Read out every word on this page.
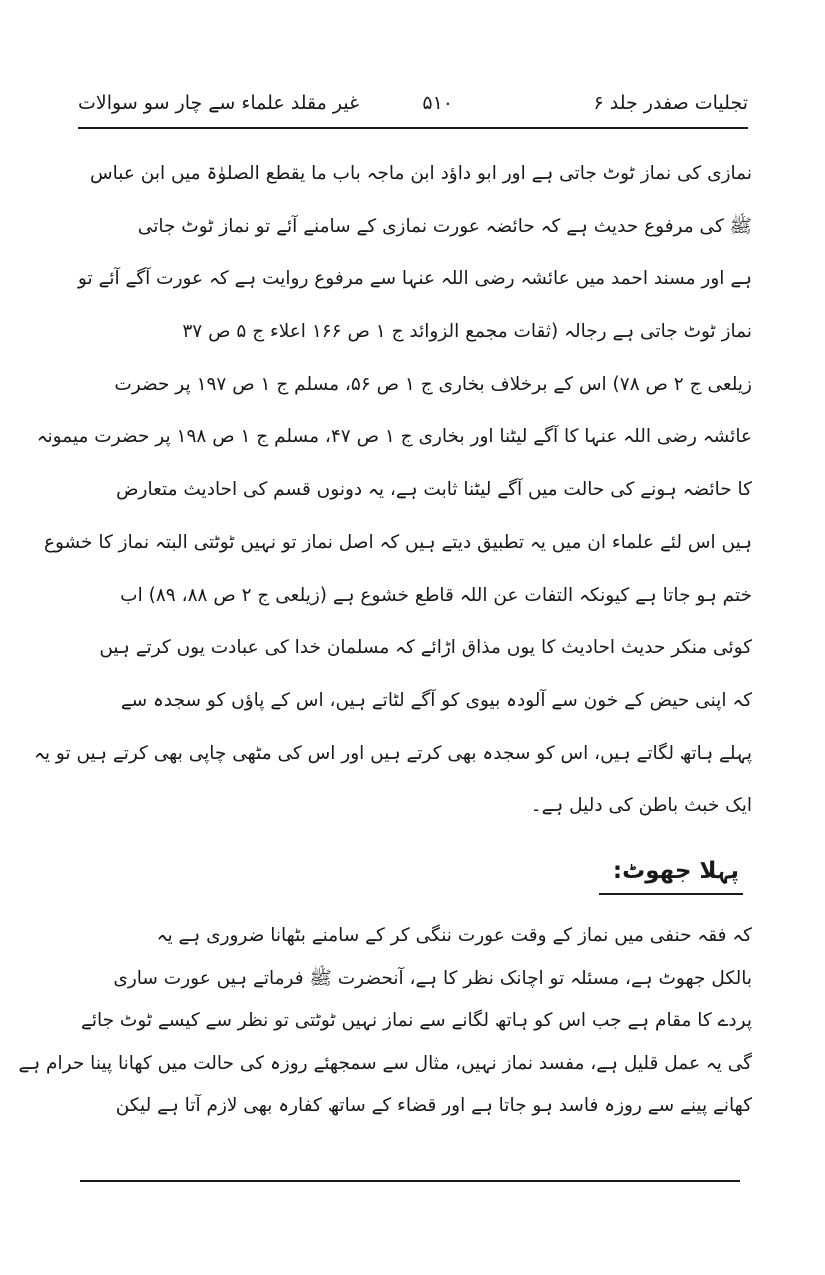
تجلیات صفدر جلد ۶
۵۱۰
غیر مقلد علماء سے چار سو سوالات
نمازی کی نماز ٹوٹ جاتی ہے اور ابو داؤد ابن ماجہ باب ما یقطع الصلوٰۃ میں ابن عباس
ﷺ کی مرفوع حدیث ہے کہ حائضہ عورت نمازی کے سامنے آئے تو نماز ٹوٹ جاتی
ہے اور مسند احمد میں عائشہ رضی اللہ عنہا سے مرفوع روایت ہے کہ عورت آگے آئے تو
نماز ٹوٹ جاتی ہے رجالہ (ثقات مجمع الزوائد ج ۱ ص ۱۶۶ اعلاء ج ۵ ص ۳۷
زیلعی ج ۲ ص ۷۸) اس کے برخلاف بخاری ج ۱ ص ۵۶، مسلم ج ۱ ص ۱۹۷ پر حضرت
عائشہ رضی اللہ عنہا کا آگے لیٹنا اور بخاری ج ۱ ص ۴۷، مسلم ج ۱ ص ۱۹۸ پر حضرت میمونہ
کا حائضہ ہونے کی حالت میں آگے لیٹنا ثابت ہے، یہ دونوں قسم کی احادیث متعارض
ہیں اس لئے علماء ان میں یہ تطبیق دیتے ہیں کہ اصل نماز تو نہیں ٹوٹتی البتہ نماز کا خشوع
ختم ہو جاتا ہے کیونکہ التفات عن اللہ قاطع خشوع ہے (زیلعی ج ۲ ص ۸۸، ۸۹) اب
کوئی منکر حدیث احادیث کا یوں مذاق اڑائے کہ مسلمان خدا کی عبادت یوں کرتے ہیں
کہ اپنی حیض کے خون سے آلودہ بیوی کو آگے لٹاتے ہیں، اس کے پاؤں کو سجدہ سے
پہلے ہاتھ لگاتے ہیں، اس کو سجدہ بھی کرتے ہیں اور اس کی مٹھی چاپی بھی کرتے ہیں تو یہ
ایک خبث باطن کی دلیل ہے۔
پہلا جھوٹ:
کہ فقہ حنفی میں نماز کے وقت عورت ننگی کر کے سامنے بٹھانا ضروری ہے یہ
بالکل جھوٹ ہے، مسئلہ تو اچانک نظر کا ہے، آنحضرت ﷺ فرماتے ہیں عورت ساری
پردے کا مقام ہے جب اس کو ہاتھ لگانے سے نماز نہیں ٹوٹتی تو نظر سے کیسے ٹوٹ جائے
گی یہ عمل قلیل ہے، مفسد نماز نہیں، مثال سے سمجھئے روزہ کی حالت میں کھانا پینا حرام ہے
کھانے پینے سے روزہ فاسد ہو جاتا ہے اور قضاء کے ساتھ کفارہ بھی لازم آتا ہے لیکن
